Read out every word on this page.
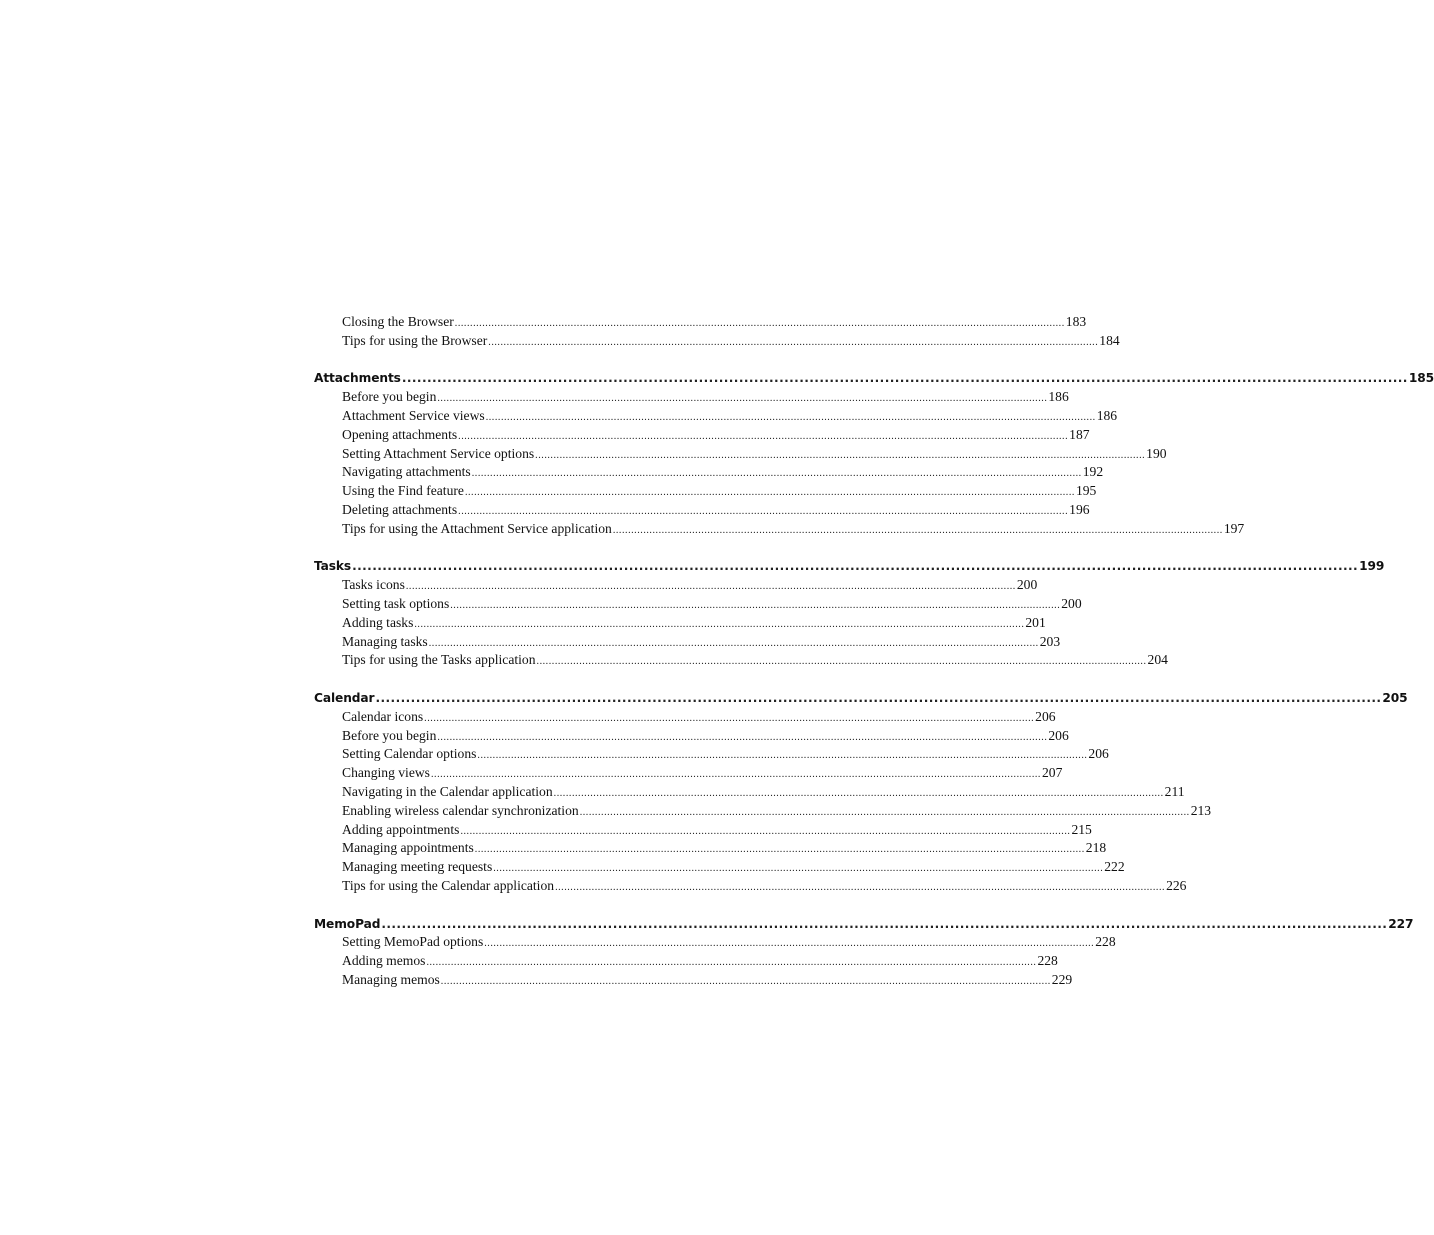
Closing the Browser ........................................................................................................................................................................................................ 183
Tips for using the Browser ........................................................................................................................................................................................................ 184
Attachments ........................................................................................................................................................................................................ 185
Before you begin ........................................................................................................................................................................................................ 186
Attachment Service views ........................................................................................................................................................................................................ 186
Opening attachments ........................................................................................................................................................................................................ 187
Setting Attachment Service options ........................................................................................................................................................................................................ 190
Navigating attachments ........................................................................................................................................................................................................ 192
Using the Find feature ........................................................................................................................................................................................................ 195
Deleting attachments ........................................................................................................................................................................................................ 196
Tips for using the Attachment Service application ........................................................................................................................................................................................................ 197
Tasks ........................................................................................................................................................................................................ 199
Tasks icons ........................................................................................................................................................................................................ 200
Setting task options ........................................................................................................................................................................................................ 200
Adding tasks ........................................................................................................................................................................................................ 201
Managing tasks ........................................................................................................................................................................................................ 203
Tips for using the Tasks application ........................................................................................................................................................................................................ 204
Calendar ........................................................................................................................................................................................................ 205
Calendar icons ........................................................................................................................................................................................................ 206
Before you begin ........................................................................................................................................................................................................ 206
Setting Calendar options ........................................................................................................................................................................................................ 206
Changing views ........................................................................................................................................................................................................ 207
Navigating in the Calendar application ........................................................................................................................................................................................................ 211
Enabling wireless calendar synchronization ........................................................................................................................................................................................................ 213
Adding appointments ........................................................................................................................................................................................................ 215
Managing appointments ........................................................................................................................................................................................................ 218
Managing meeting requests ........................................................................................................................................................................................................ 222
Tips for using the Calendar application ........................................................................................................................................................................................................ 226
MemoPad ........................................................................................................................................................................................................ 227
Setting MemoPad options ........................................................................................................................................................................................................ 228
Adding memos ........................................................................................................................................................................................................ 228
Managing memos ........................................................................................................................................................................................................ 229
